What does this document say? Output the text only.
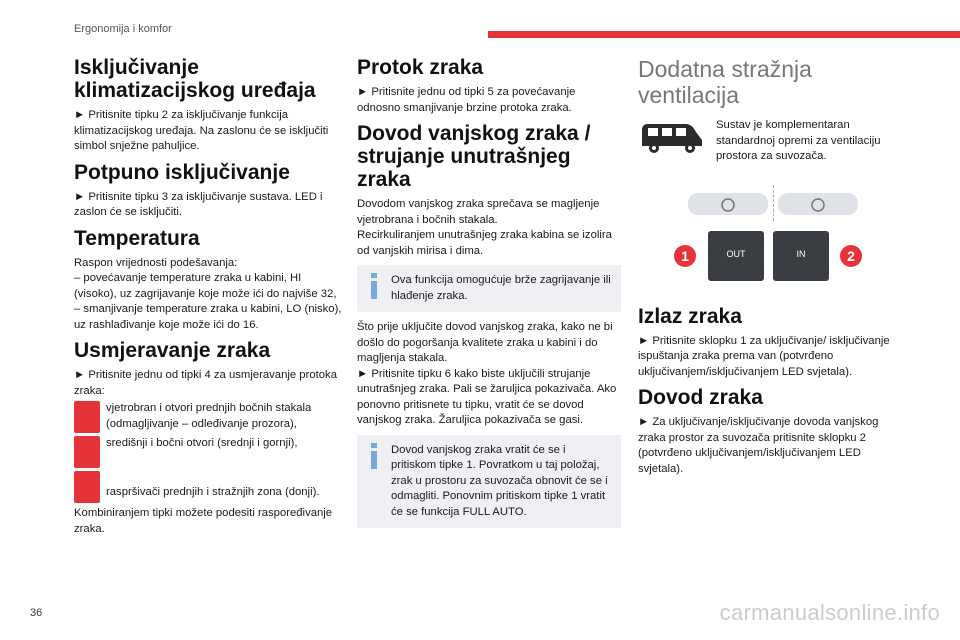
Ergonomija i komfor
Isključivanje klimatizacijskog uređaja

► Pritisnite tipku 2 za isključivanje funkcija klimatizacijskog uređaja. Na zaslonu će se isključiti simbol snježne pahuljice.

Potpuno isključivanje

► Pritisnite tipku 3 za isključivanje sustava. LED i zaslon će se isključiti.

Temperatura

Raspon vrijednosti podešavanja:

– povećavanje temperature zraka u kabini, HI (visoko), uz zagrijavanje koje može ići do najviše 32,

– smanjivanje temperature zraka u kabini, LO (nisko), uz rashlađivanje koje može ići do 16.

Usmjeravanje zraka

► Pritisnite jednu od tipki 4 za usmjeravanje protoka zraka:

vjetrobran i otvori prednjih bočnih stakala (odmagljivanje – odleđivanje prozora),

središnji i bočni otvori (srednji i gornji),

raspršivači prednjih i stražnjih zona (donji).

Kombiniranjem tipki možete podesiti raspoređivanje zraka.

Protok zraka

► Pritisnite jednu od tipki 5 za povećavanje odnosno smanjivanje brzine protoka zraka.

Dovod vanjskog zraka / strujanje unutrašnjeg zraka

Dovodom vanjskog zraka sprečava se magljenje vjetrobrana i bočnih stakala.

Recirkuliranjem unutrašnjeg zraka kabina se izolira od vanjskih mirisa i dima.

Ova funkcija omogućuje brže zagrijavanje ili hlađenje zraka.

Što prije uključite dovod vanjskog zraka, kako ne bi došlo do pogoršanja kvalitete zraka u kabini i do magljenja stakala.

► Pritisnite tipku 6 kako biste uključili strujanje unutrašnjeg zraka. Pali se žaruljica pokazivača. Ako ponovno pritisnete tu tipku, vratit će se dovod vanjskog zraka. Žaruljica pokazivača se gasi.

Dovod vanjskog zraka vratit će se i pritiskom tipke 1. Povratkom u taj položaj, zrak u prostoru za suvozača obnovit će se i odmagliti. Ponovnim pritiskom tipke 1 vratit će se funkcija FULL AUTO.
Dodatna stražnja ventilacija

Sustav je komplementaran standardnoj opremi za ventilaciju prostora za suvozača.

OUT	IN
1	2
Izlaz zraka

► Pritisnite sklopku 1 za uključivanje/ isključivanje ispuštanja zraka prema van (potvrđeno uključivanjem/isključivanjem LED svjetala).

Dovod zraka

► Za uključivanje/isključivanje dovoda vanjskog zraka prostor za suvozača pritisnite sklopku 2 (potvrđeno uključivanjem/isključivanjem LED svjetala).

36	carmanualsonline.info
